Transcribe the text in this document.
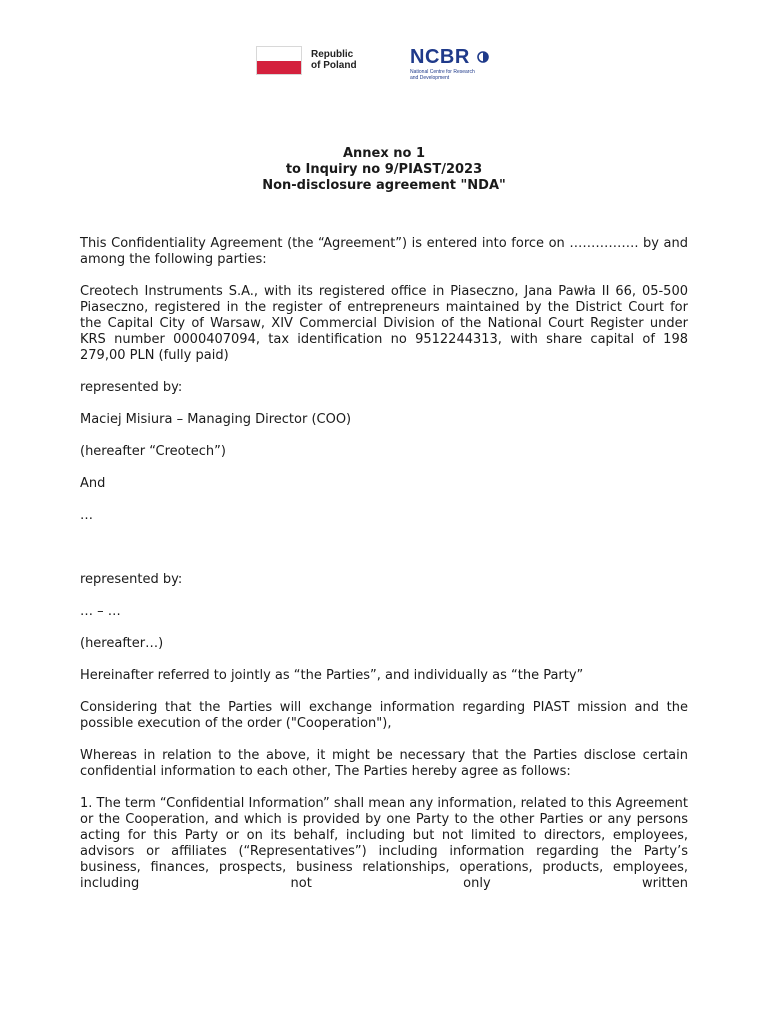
Republic
of Poland	NCBR
National Centre for Research
and Development
Annex no 1
to Inquiry no 9/PIAST/2023
Non-disclosure agreement "NDA"

This Confidentiality Agreement (the “Agreement”) is entered into force on ……………. by and among the following parties:

Creotech Instruments S.A., with its registered office in Piaseczno, Jana Pawła II 66, 05-500 Piaseczno, registered in the register of entrepreneurs maintained by the District Court for the Capital City of Warsaw, XIV Commercial Division of the National Court Register under KRS number 0000407094, tax identification no 9512244313, with share capital of 198 279,00 PLN (fully paid)

represented by:

Maciej Misiura – Managing Director (COO)

(hereafter “Creotech”)

And

…

represented by:

… – …

(hereafter…)

Hereinafter referred to jointly as “the Parties”, and individually as “the Party”

Considering that the Parties will exchange information regarding PIAST mission and the possible execution of the order ("Cooperation"),

Whereas in relation to the above, it might be necessary that the Parties disclose certain confidential information to each other, The Parties hereby agree as follows:

1. The term “Confidential Information” shall mean any information, related to this Agreement or the Cooperation, and which is provided by one Party to the other Parties or any persons acting for this Party or on its behalf, including but not limited to directors, employees, advisors or affiliates (“Representatives”) including information regarding the Party’s business, finances, prospects, business relationships, operations, products, employees, including not only written
